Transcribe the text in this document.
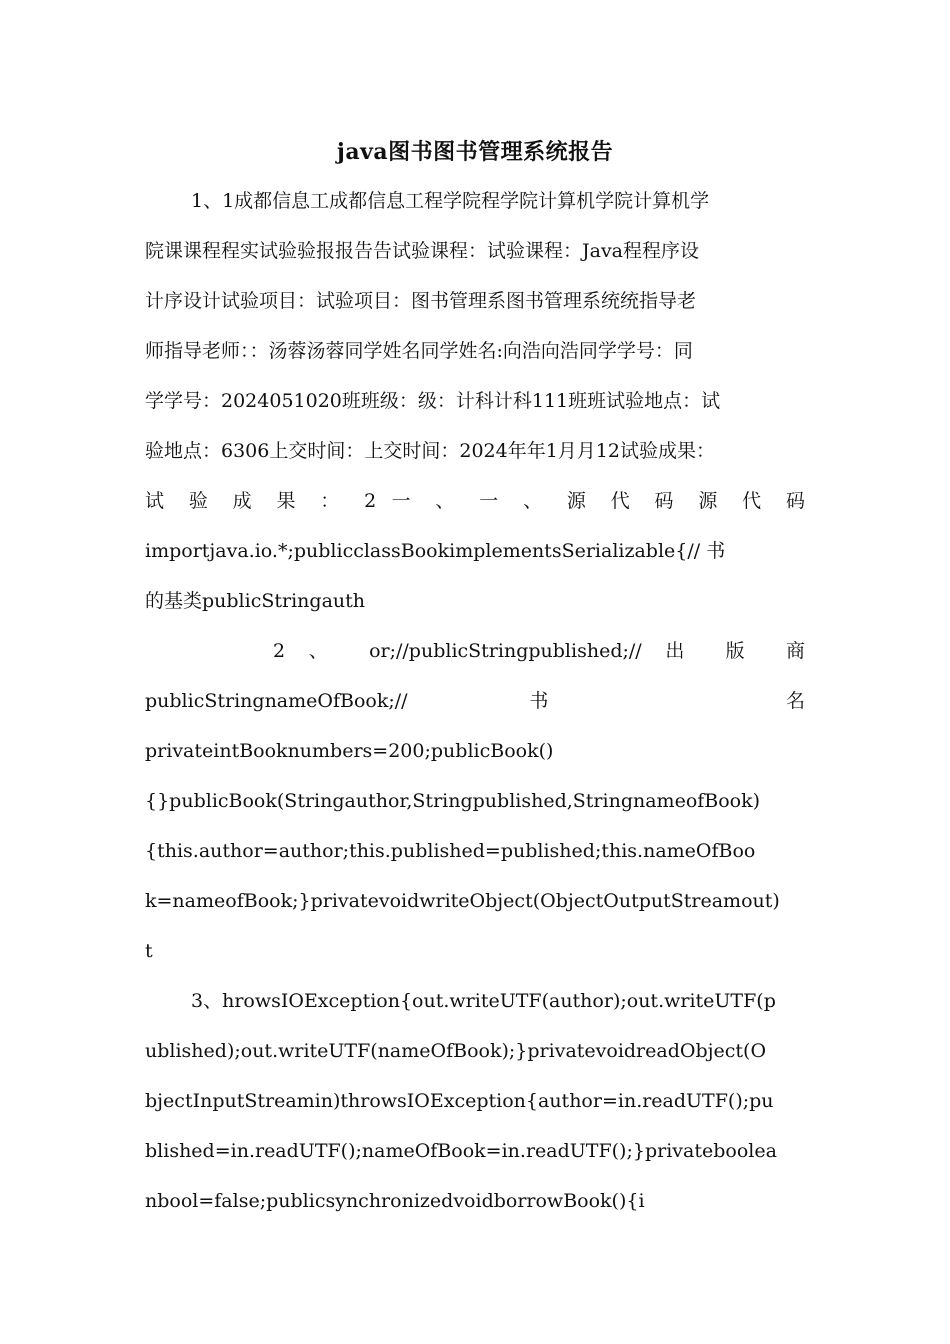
java图书图书管理系统报告
1、1成都信息工成都信息工程学院程学院计算机学院计算机学
院课课程程实试验验报报告告试验课程：试验课程：Java程程序设
计序设计试验项目：试验项目：图书管理系图书管理系统统指导老
师指导老师：：汤蓉汤蓉同学姓名同学姓名:向浩向浩同学学号：同
学学号：2024051020班班级：级：计科计科111班班试验地点：试
验地点：6306上交时间：上交时间：2024年年1月月12试验成果：
试 验 成 果 ： 2 一 、 一 、 源 代 码 源 代 码
importjava.io.*;publicclassBookimplementsSerializable{// 书
的基类publicStringauth
2 、 or;//publicStringpublished;// 出 版 商
publicStringnameOfBook;// 书 名
privateintBooknumbers=200;publicBook()
{}publicBook(Stringauthor,Stringpublished,StringnameofBook)
{this.author=author;this.published=published;this.nameOfBoo
k=nameofBook;}privatevoidwriteObject(ObjectOutputStreamout)
t
3、hrowsIOException{out.writeUTF(author);out.writeUTF(p
ublished);out.writeUTF(nameOfBook);}privatevoidreadObject(O
bjectInputStreamin)throwsIOException{author=in.readUTF();pu
blished=in.readUTF();nameOfBook=in.readUTF();}privateboolea
nbool=false;publicsynchronizedvoidborrowBook(){i
